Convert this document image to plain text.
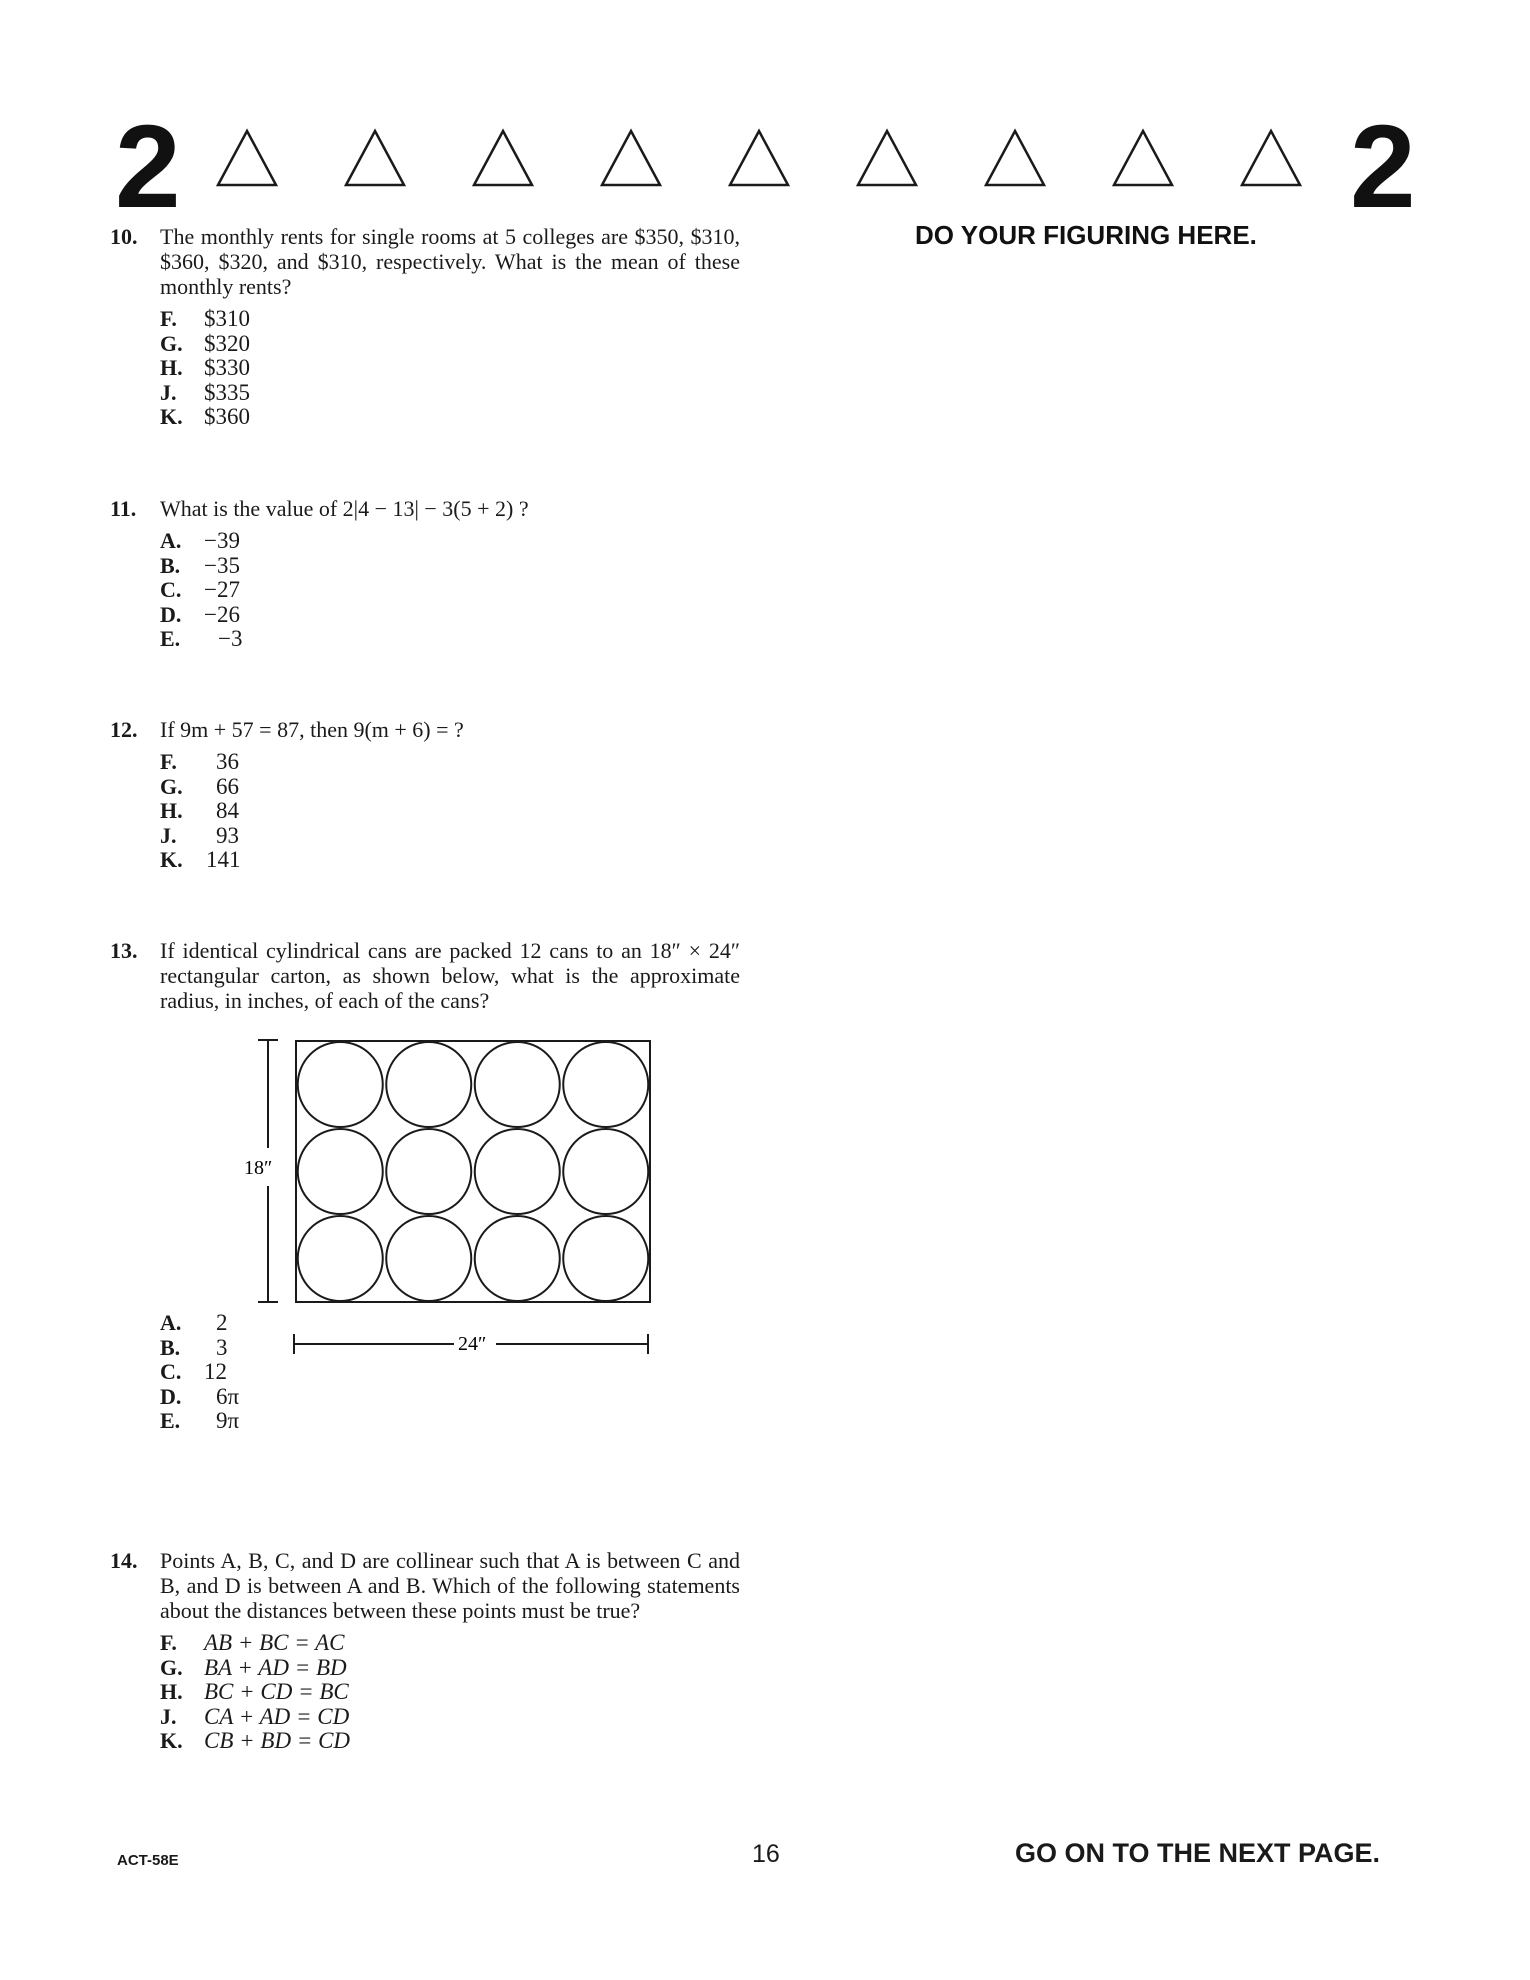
2	2
DO YOUR FIGURING HERE.
10.	The monthly rents for single rooms at 5 colleges are $350, $310, $360, $320, and $310, respectively. What is the mean of these monthly rents?
F.	$310
G. $320
H. $330
J.	$335
K. $360
11.	What is the value of 2|4 − 13| − 3(5 + 2) ?
A. −39
B.	−35
C. −27
D. −26
E.	−3
12.	If 9m + 57 = 87, then 9(m + 6) = ?
F.	36
G.	66
H.	84
J.	93
K.	141
13.	If identical cylindrical cans are packed 12 cans to an 18″ × 24″ rectangular carton, as shown below, what is the approximate radius, in inches, of each of the cans?
A.	2
B.	3
C. 12
D.	6π
E.	9π
18″
24″
14.	Points A, B, C, and D are collinear such that A is between C and B, and D is between A and B. Which of the following statements about the distances between these points must be true?
F.	AB + BC = AC
G. BA + AD = BD
H. BC + CD = BC
J.	CA + AD = CD
K. CB + BD = CD
ACT-58E	16	GO ON TO THE NEXT PAGE.
